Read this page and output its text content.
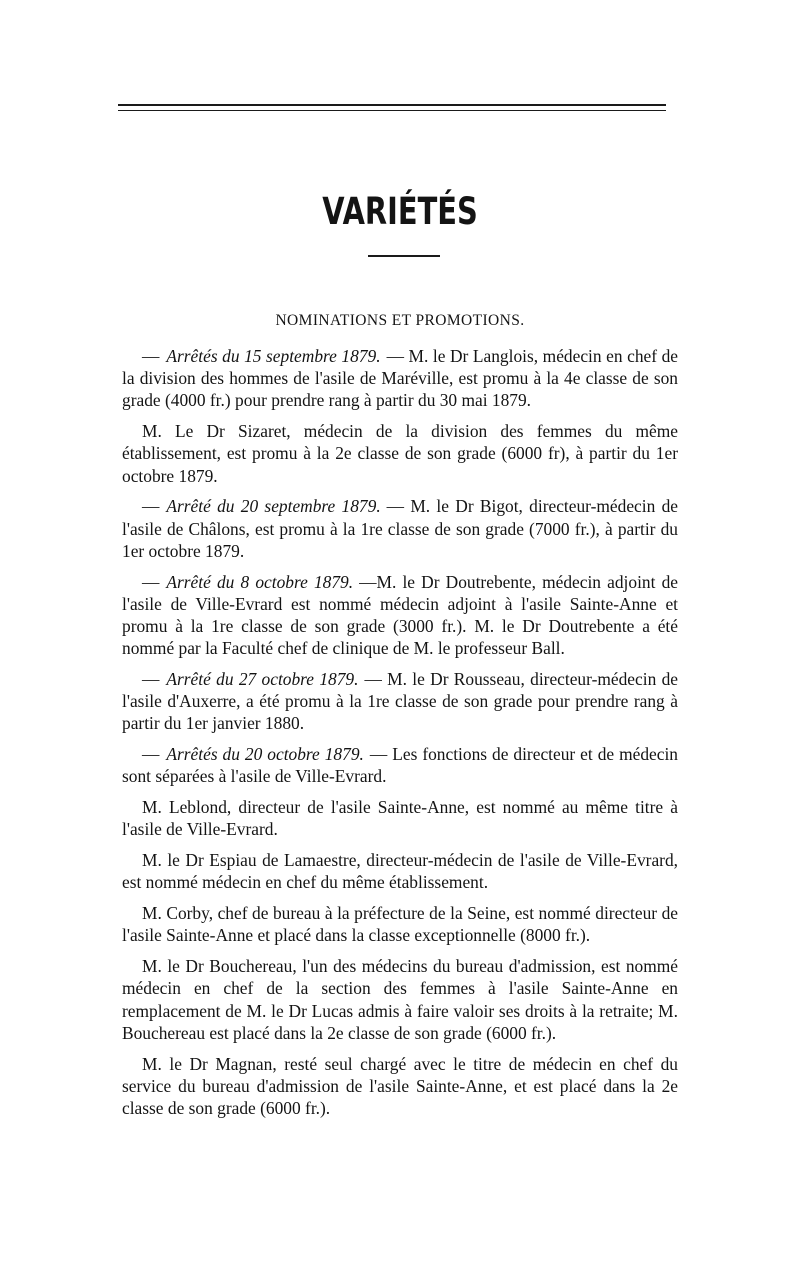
VARIÉTÉS
NOMINATIONS ET PROMOTIONS.

— Arrêtés du 15 septembre 1879. — M. le Dr Langlois, médecin en chef de la division des hommes de l'asile de Maréville, est promu à la 4e classe de son grade (4000 fr.) pour prendre rang à partir du 30 mai 1879.

M. Le Dr Sizaret, médecin de la division des femmes du même établissement, est promu à la 2e classe de son grade (6000 fr), à partir du 1er octobre 1879.

— Arrêté du 20 septembre 1879. — M. le Dr Bigot, directeur-médecin de l'asile de Châlons, est promu à la 1re classe de son grade (7000 fr.), à partir du 1er octobre 1879.

— Arrêté du 8 octobre 1879. —M. le Dr Doutrebente, médecin adjoint de l'asile de Ville-Evrard est nommé médecin adjoint à l'asile Sainte-Anne et promu à la 1re classe de son grade (3000 fr.). M. le Dr Doutrebente a été nommé par la Faculté chef de clinique de M. le professeur Ball.

— Arrêté du 27 octobre 1879. — M. le Dr Rousseau, directeur-médecin de l'asile d'Auxerre, a été promu à la 1re classe de son grade pour prendre rang à partir du 1er janvier 1880.

— Arrêtés du 20 octobre 1879. — Les fonctions de directeur et de médecin sont séparées à l'asile de Ville-Evrard.

M. Leblond, directeur de l'asile Sainte-Anne, est nommé au même titre à l'asile de Ville-Evrard.

M. le Dr Espiau de Lamaestre, directeur-médecin de l'asile de Ville-Evrard, est nommé médecin en chef du même établissement.

M. Corby, chef de bureau à la préfecture de la Seine, est nommé directeur de l'asile Sainte-Anne et placé dans la classe exceptionnelle (8000 fr.).

M. le Dr Bouchereau, l'un des médecins du bureau d'admission, est nommé médecin en chef de la section des femmes à l'asile Sainte-Anne en remplacement de M. le Dr Lucas admis à faire valoir ses droits à la retraite; M. Bouchereau est placé dans la 2e classe de son grade (6000 fr.).

M. le Dr Magnan, resté seul chargé avec le titre de médecin en chef du service du bureau d'admission de l'asile Sainte-Anne, et est placé dans la 2e classe de son grade (6000 fr.).
